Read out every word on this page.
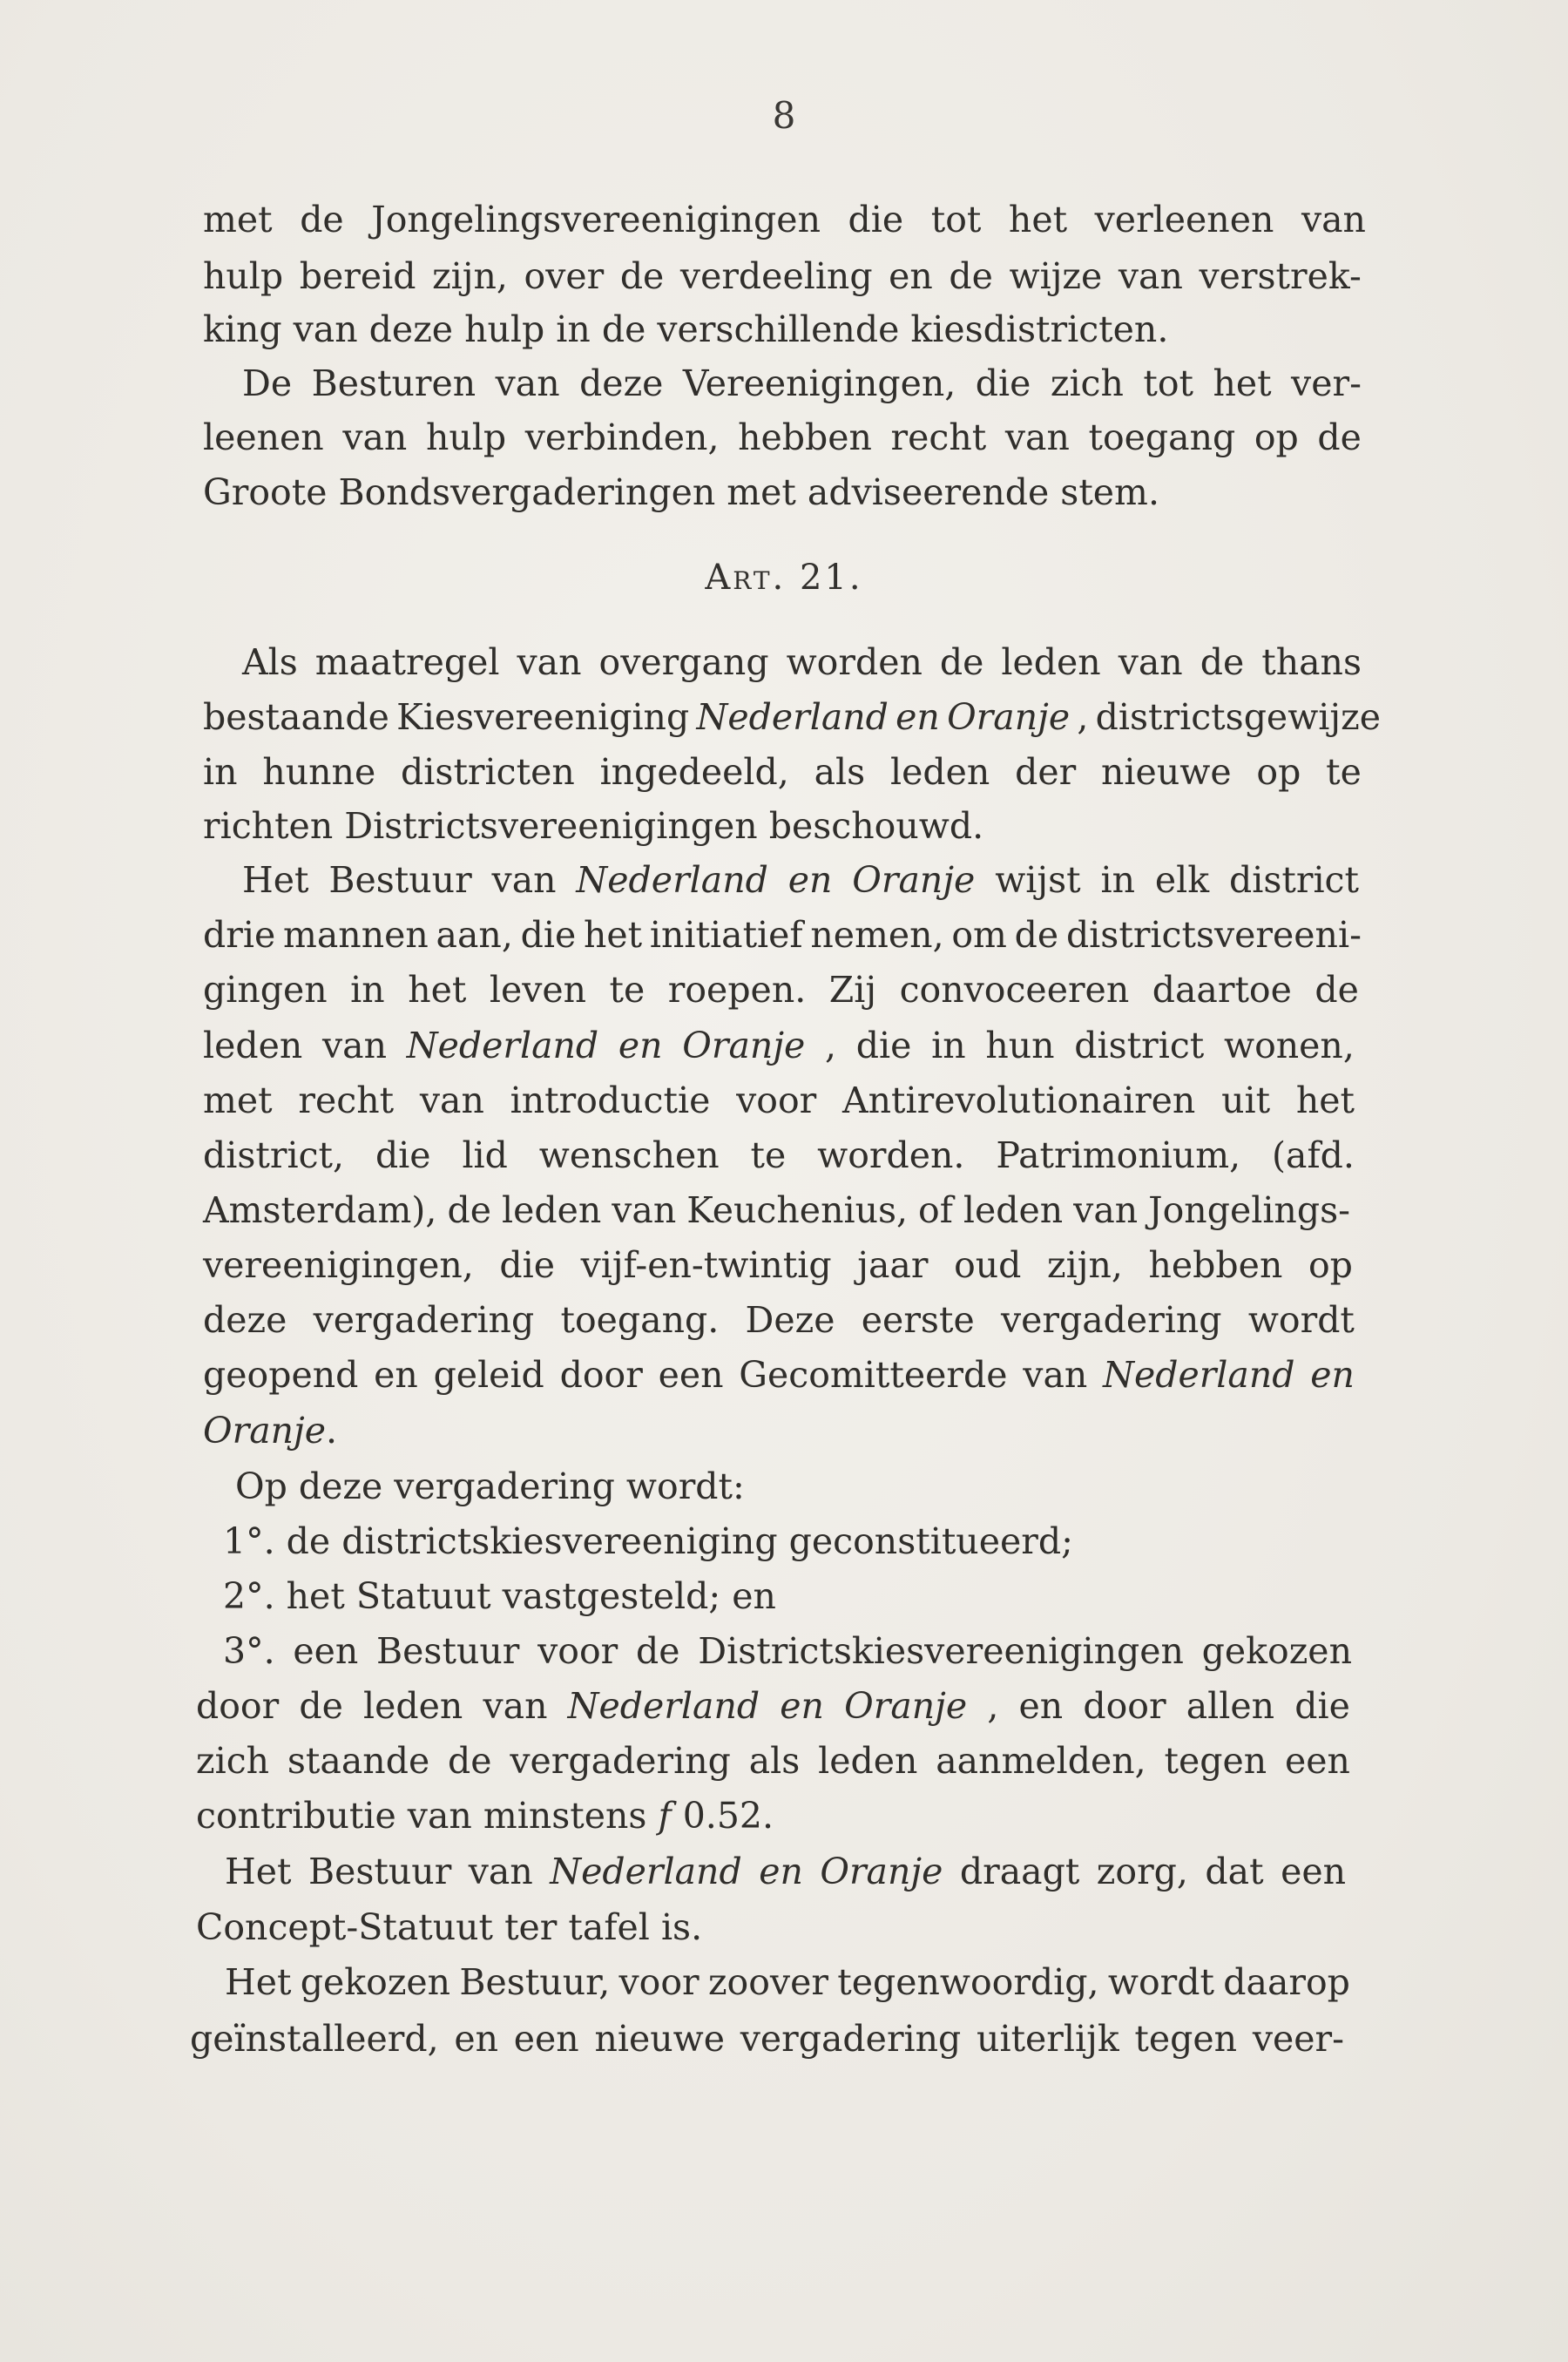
8
Art. 21.
met de Jongelingsvereenigingen die tot het verleenen van
hulp bereid zijn, over de verdeeling en de wijze van verstrek-
king van deze hulp in de verschillende kiesdistricten.
De Besturen van deze Vereenigingen, die zich tot het ver-
leenen van hulp verbinden, hebben recht van toegang op de
Groote Bondsvergaderingen met adviseerende stem.
Als maatregel van overgang worden de leden van de thans
bestaande Kiesvereeniging Nederland en Oranje , districtsgewijze
in hunne districten ingedeeld, als leden der nieuwe op te
richten Districtsvereenigingen beschouwd.
Het Bestuur van Nederland en Oranje wijst in elk district
drie mannen aan, die het initiatief nemen, om de districtsvereeni-
gingen in het leven te roepen. Zij convoceeren daartoe de
leden van Nederland en Oranje , die in hun district wonen,
met recht van introductie voor Antirevolutionairen uit het
district, die lid wenschen te worden. Patrimonium, (afd.
Amsterdam), de leden van Keuchenius, of leden van Jongelings-
vereenigingen, die vijf-en-twintig jaar oud zijn, hebben op
deze vergadering toegang. Deze eerste vergadering wordt
geopend en geleid door een Gecomitteerde van Nederland en
Oranje.
Op deze vergadering wordt:
1°. de districtskiesvereeniging geconstitueerd;
2°. het Statuut vastgesteld; en
3°. een Bestuur voor de Districtskiesvereenigingen gekozen
door de leden van Nederland en Oranje , en door allen die
zich staande de vergadering als leden aanmelden, tegen een
contributie van minstens f 0.52.
Het Bestuur van Nederland en Oranje draagt zorg, dat een
Concept-Statuut ter tafel is.
Het gekozen Bestuur, voor zoover tegenwoordig, wordt daarop
geïnstalleerd, en een nieuwe vergadering uiterlijk tegen veer-
